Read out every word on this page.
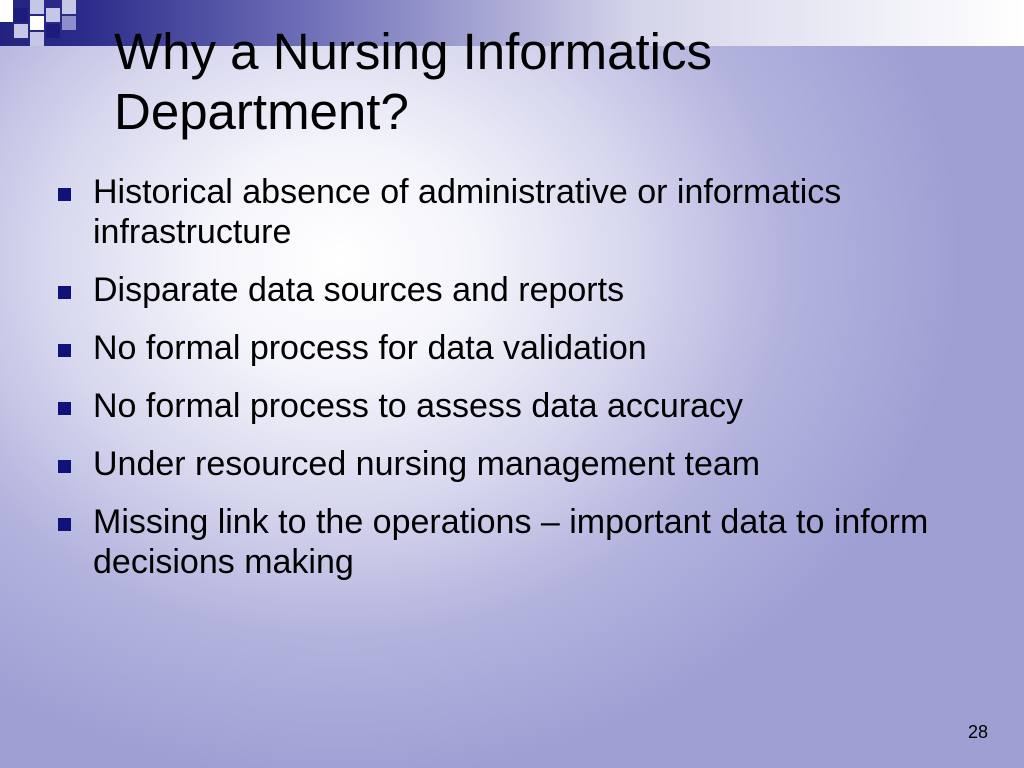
Why a Nursing Informatics Department?
Historical absence of administrative or informatics infrastructure
Disparate data sources and reports
No formal process for data validation
No formal process to assess data accuracy
Under resourced nursing management team
Missing link to the operations – important data to inform decisions making
28
